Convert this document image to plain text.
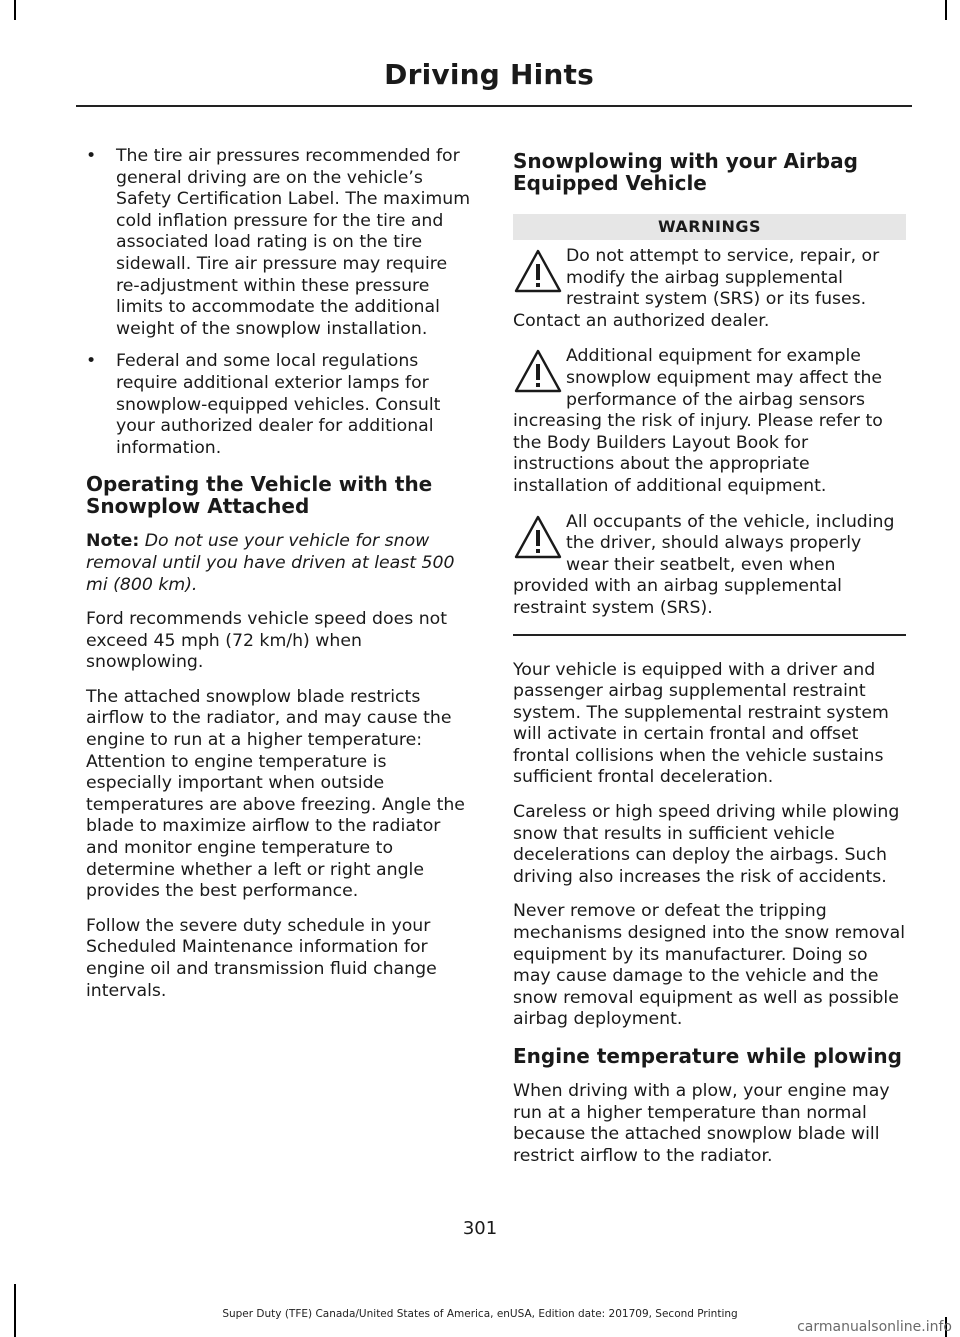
Driving Hints
• The tire air pressures recommended for general driving are on the vehicle’s Safety Certification Label. The maximum cold inflation pressure for the tire and associated load rating is on the tire sidewall. Tire air pressure may require re-adjustment within these pressure limits to accommodate the additional weight of the snowplow installation.
• Federal and some local regulations require additional exterior lamps for snowplow-equipped vehicles. Consult your authorized dealer for additional information.
Operating the Vehicle with the Snowplow Attached

Note: Do not use your vehicle for snow removal until you have driven at least 500 mi (800 km).

Ford recommends vehicle speed does not exceed 45 mph (72 km/h) when snowplowing.

The attached snowplow blade restricts airflow to the radiator, and may cause the engine to run at a higher temperature: Attention to engine temperature is especially important when outside temperatures are above freezing. Angle the blade to maximize airflow to the radiator and monitor engine temperature to determine whether a left or right angle provides the best performance.

Follow the severe duty schedule in your Scheduled Maintenance information for engine oil and transmission fluid change intervals.

Snowplowing with your Airbag Equipped Vehicle
WARNINGS
Do not attempt to service, repair, or modify the airbag supplemental restraint system (SRS) or its fuses. Contact an authorized dealer.
Additional equipment for example snowplow equipment may affect the performance of the airbag sensors increasing the risk of injury. Please refer to the Body Builders Layout Book for instructions about the appropriate installation of additional equipment.
All occupants of the vehicle, including the driver, should always properly wear their seatbelt, even when provided with an airbag supplemental restraint system (SRS).

Your vehicle is equipped with a driver and passenger airbag supplemental restraint system. The supplemental restraint system will activate in certain frontal and offset frontal collisions when the vehicle sustains sufficient frontal deceleration.

Careless or high speed driving while plowing snow that results in sufficient vehicle decelerations can deploy the airbags. Such driving also increases the risk of accidents.

Never remove or defeat the tripping mechanisms designed into the snow removal equipment by its manufacturer. Doing so may cause damage to the vehicle and the snow removal equipment as well as possible airbag deployment.

Engine temperature while plowing

When driving with a plow, your engine may run at a higher temperature than normal because the attached snowplow blade will restrict airflow to the radiator.

301
Super Duty (TFE) Canada/United States of America, enUSA, Edition date: 201709, Second Printing
carmanualsonline.info
